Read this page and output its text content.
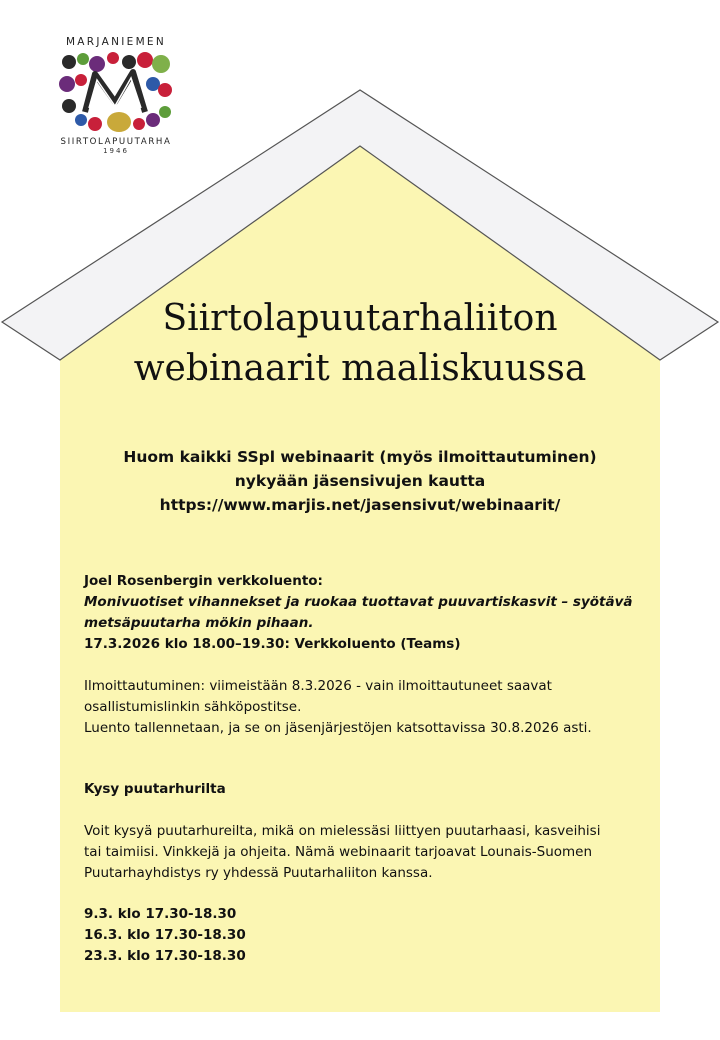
MARJANIEMEN
SIIRTOLAPUUTARHA
1946
Siirtolapuutarhaliiton
webinaarit maaliskuussa
Huom kaikki SSpl webinaarit (myös ilmoittautuminen)
nykyään jäsensivujen kautta
https://www.marjis.net/jasensivut/webinaarit/

Joel Rosenbergin verkkoluento:

Monivuotiset vihannekset ja ruokaa tuottavat puuvartiskasvit – syötävä

metsäpuutarha mökin pihaan.

17.3.2026 klo 18.00–19.30: Verkkoluento (Teams)

Ilmoittautuminen: viimeistään 8.3.2026 - vain ilmoittautuneet saavat

osallistumislinkin sähköpostitse.

Luento tallennetaan, ja se on jäsenjärjestöjen katsottavissa 30.8.2026 asti.

Kysy puutarhurilta

Voit kysyä puutarhureilta, mikä on mielessäsi liittyen puutarhaasi, kasveihisi

tai taimiisi. Vinkkejä ja ohjeita. Nämä webinaarit tarjoavat Lounais-Suomen

Puutarhayhdistys ry yhdessä Puutarhaliiton kanssa.

9.3. klo 17.30-18.30

16.3. klo 17.30-18.30

23.3. klo 17.30-18.30
